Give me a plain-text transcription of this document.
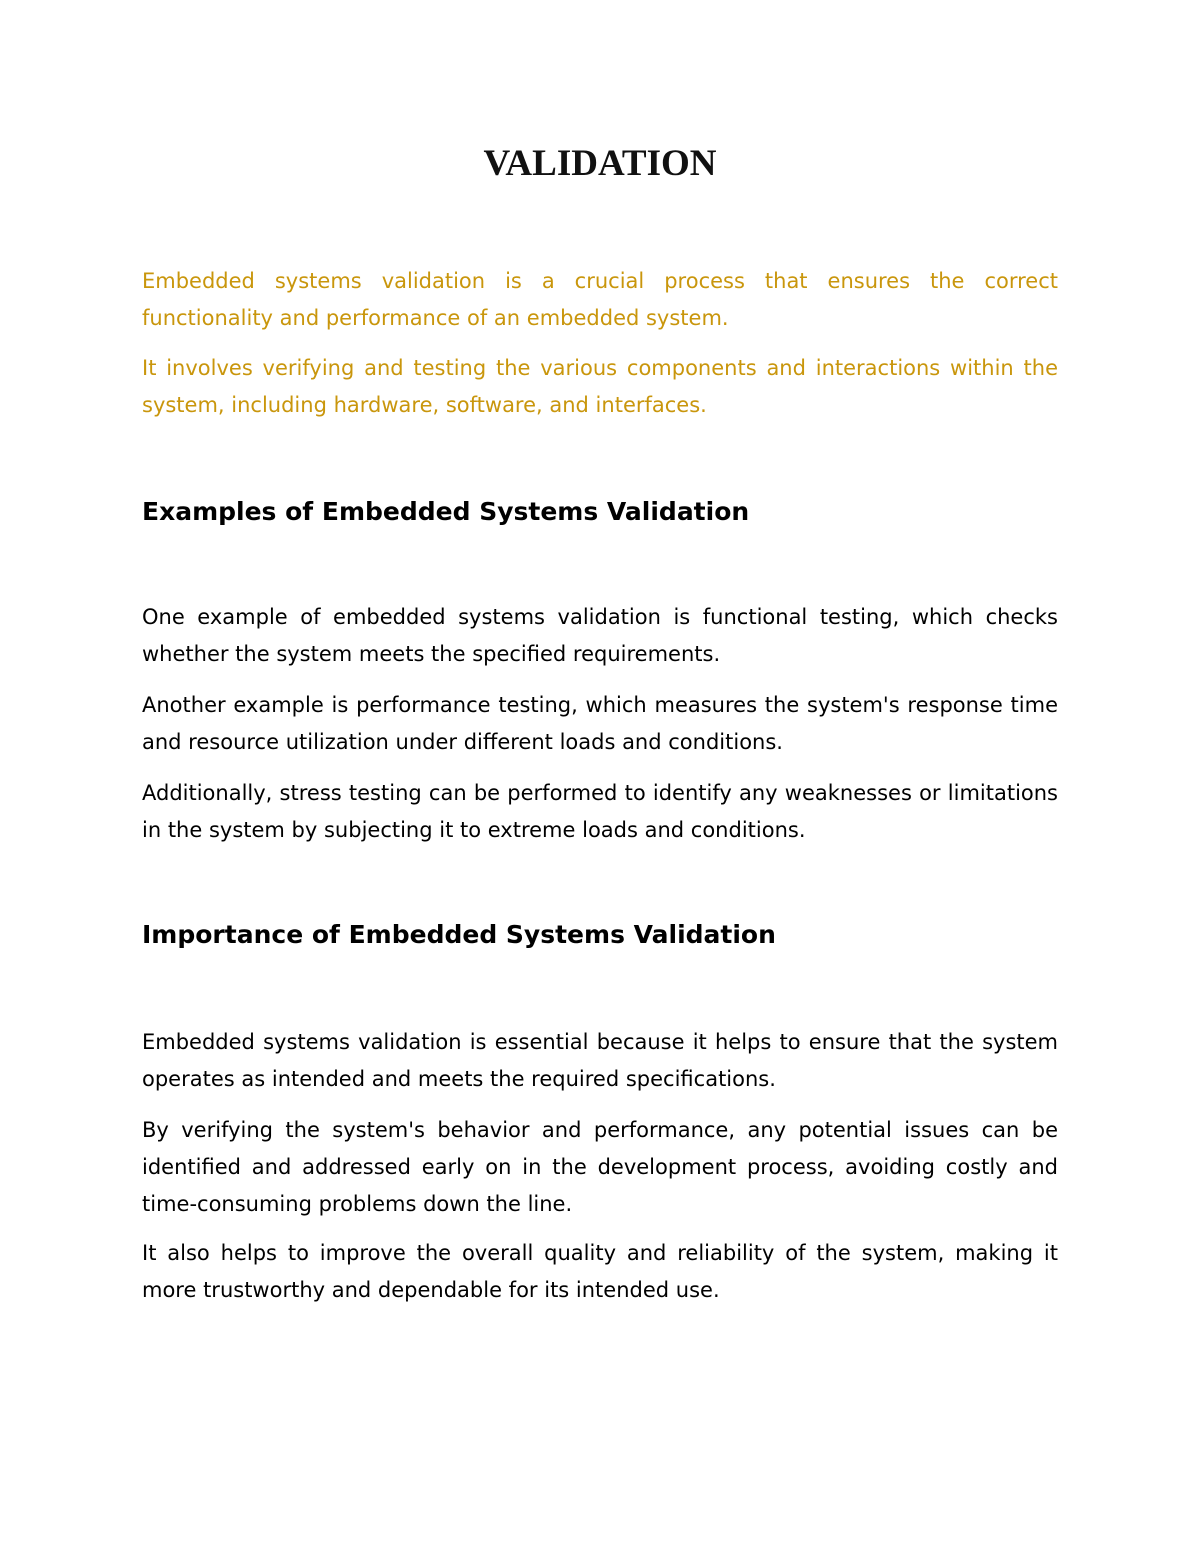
VALIDATION

Embedded systems validation is a crucial process that ensures the correct functionality and performance of an embedded system.

It involves verifying and testing the various components and interactions within the system, including hardware, software, and interfaces.

Examples of Embedded Systems Validation

One example of embedded systems validation is functional testing, which checks whether the system meets the specified requirements.

Another example is performance testing, which measures the system's response time and resource utilization under different loads and conditions.

Additionally, stress testing can be performed to identify any weaknesses or limitations in the system by subjecting it to extreme loads and conditions.

Importance of Embedded Systems Validation

Embedded systems validation is essential because it helps to ensure that the system operates as intended and meets the required specifications.

By verifying the system's behavior and performance, any potential issues can be identified and addressed early on in the development process, avoiding costly and time-consuming problems down the line.

It also helps to improve the overall quality and reliability of the system, making it more trustworthy and dependable for its intended use.
